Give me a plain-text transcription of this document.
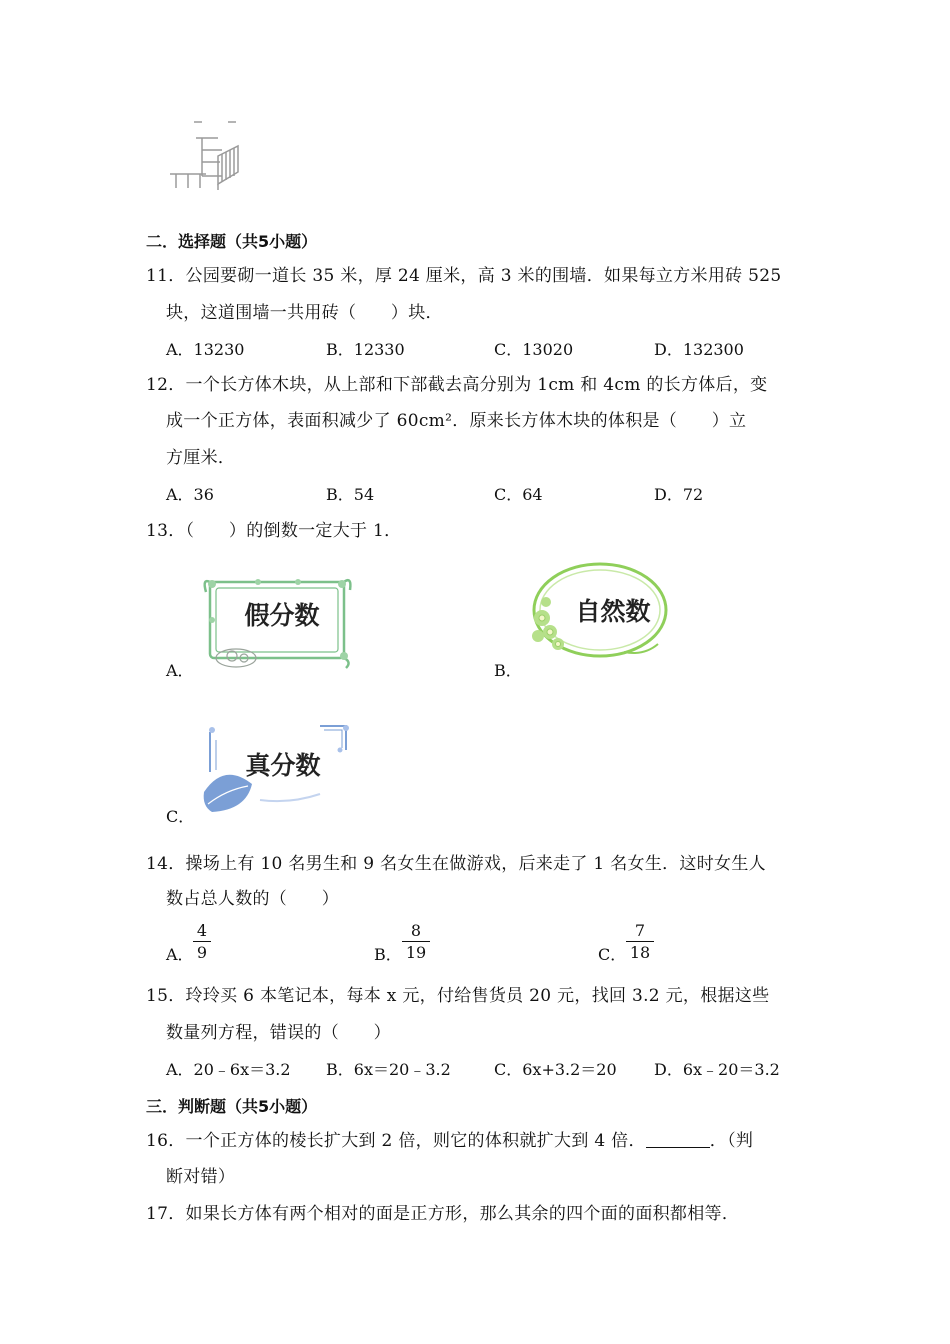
二．选择题（共5小题）
11．公园要砌一道长 35 米，厚 24 厘米，高 3 米的围墙．如果每立方米用砖 525
块，这道围墙一共用砖（　　）块．
A．13230	B．12330	C．13020	D．132300
12．一个长方体木块，从上部和下部截去高分别为 1cm 和 4cm 的长方体后，变
成一个正方体，表面积减少了 60cm²．原来长方体木块的体积是（　　）立
方厘米．
A．36	B．54	C．64	D．72
13．（　　）的倒数一定大于 1．
假分数
A．
自然数
B．
真分数
C．
14．操场上有 10 名男生和 9 名女生在做游戏，后来走了 1 名女生．这时女生人
数占总人数的（　　）
A．
4
9	B．
8
19	C．
7
18
15．玲玲买 6 本笔记本，每本 x 元，付给售货员 20 元，找回 3.2 元，根据这些
数量列方程，错误的（　　）
A．20﹣6x＝3.2 B．6x＝20﹣3.2	C．6x+3.2＝20 D．6x﹣20＝3.2
三．判断题（共5小题）
16．一个正方体的棱长扩大到 2 倍，则它的体积就扩大到 4 倍．	．（判
断对错）
17．如果长方体有两个相对的面是正方形，那么其余的四个面的面积都相等．
